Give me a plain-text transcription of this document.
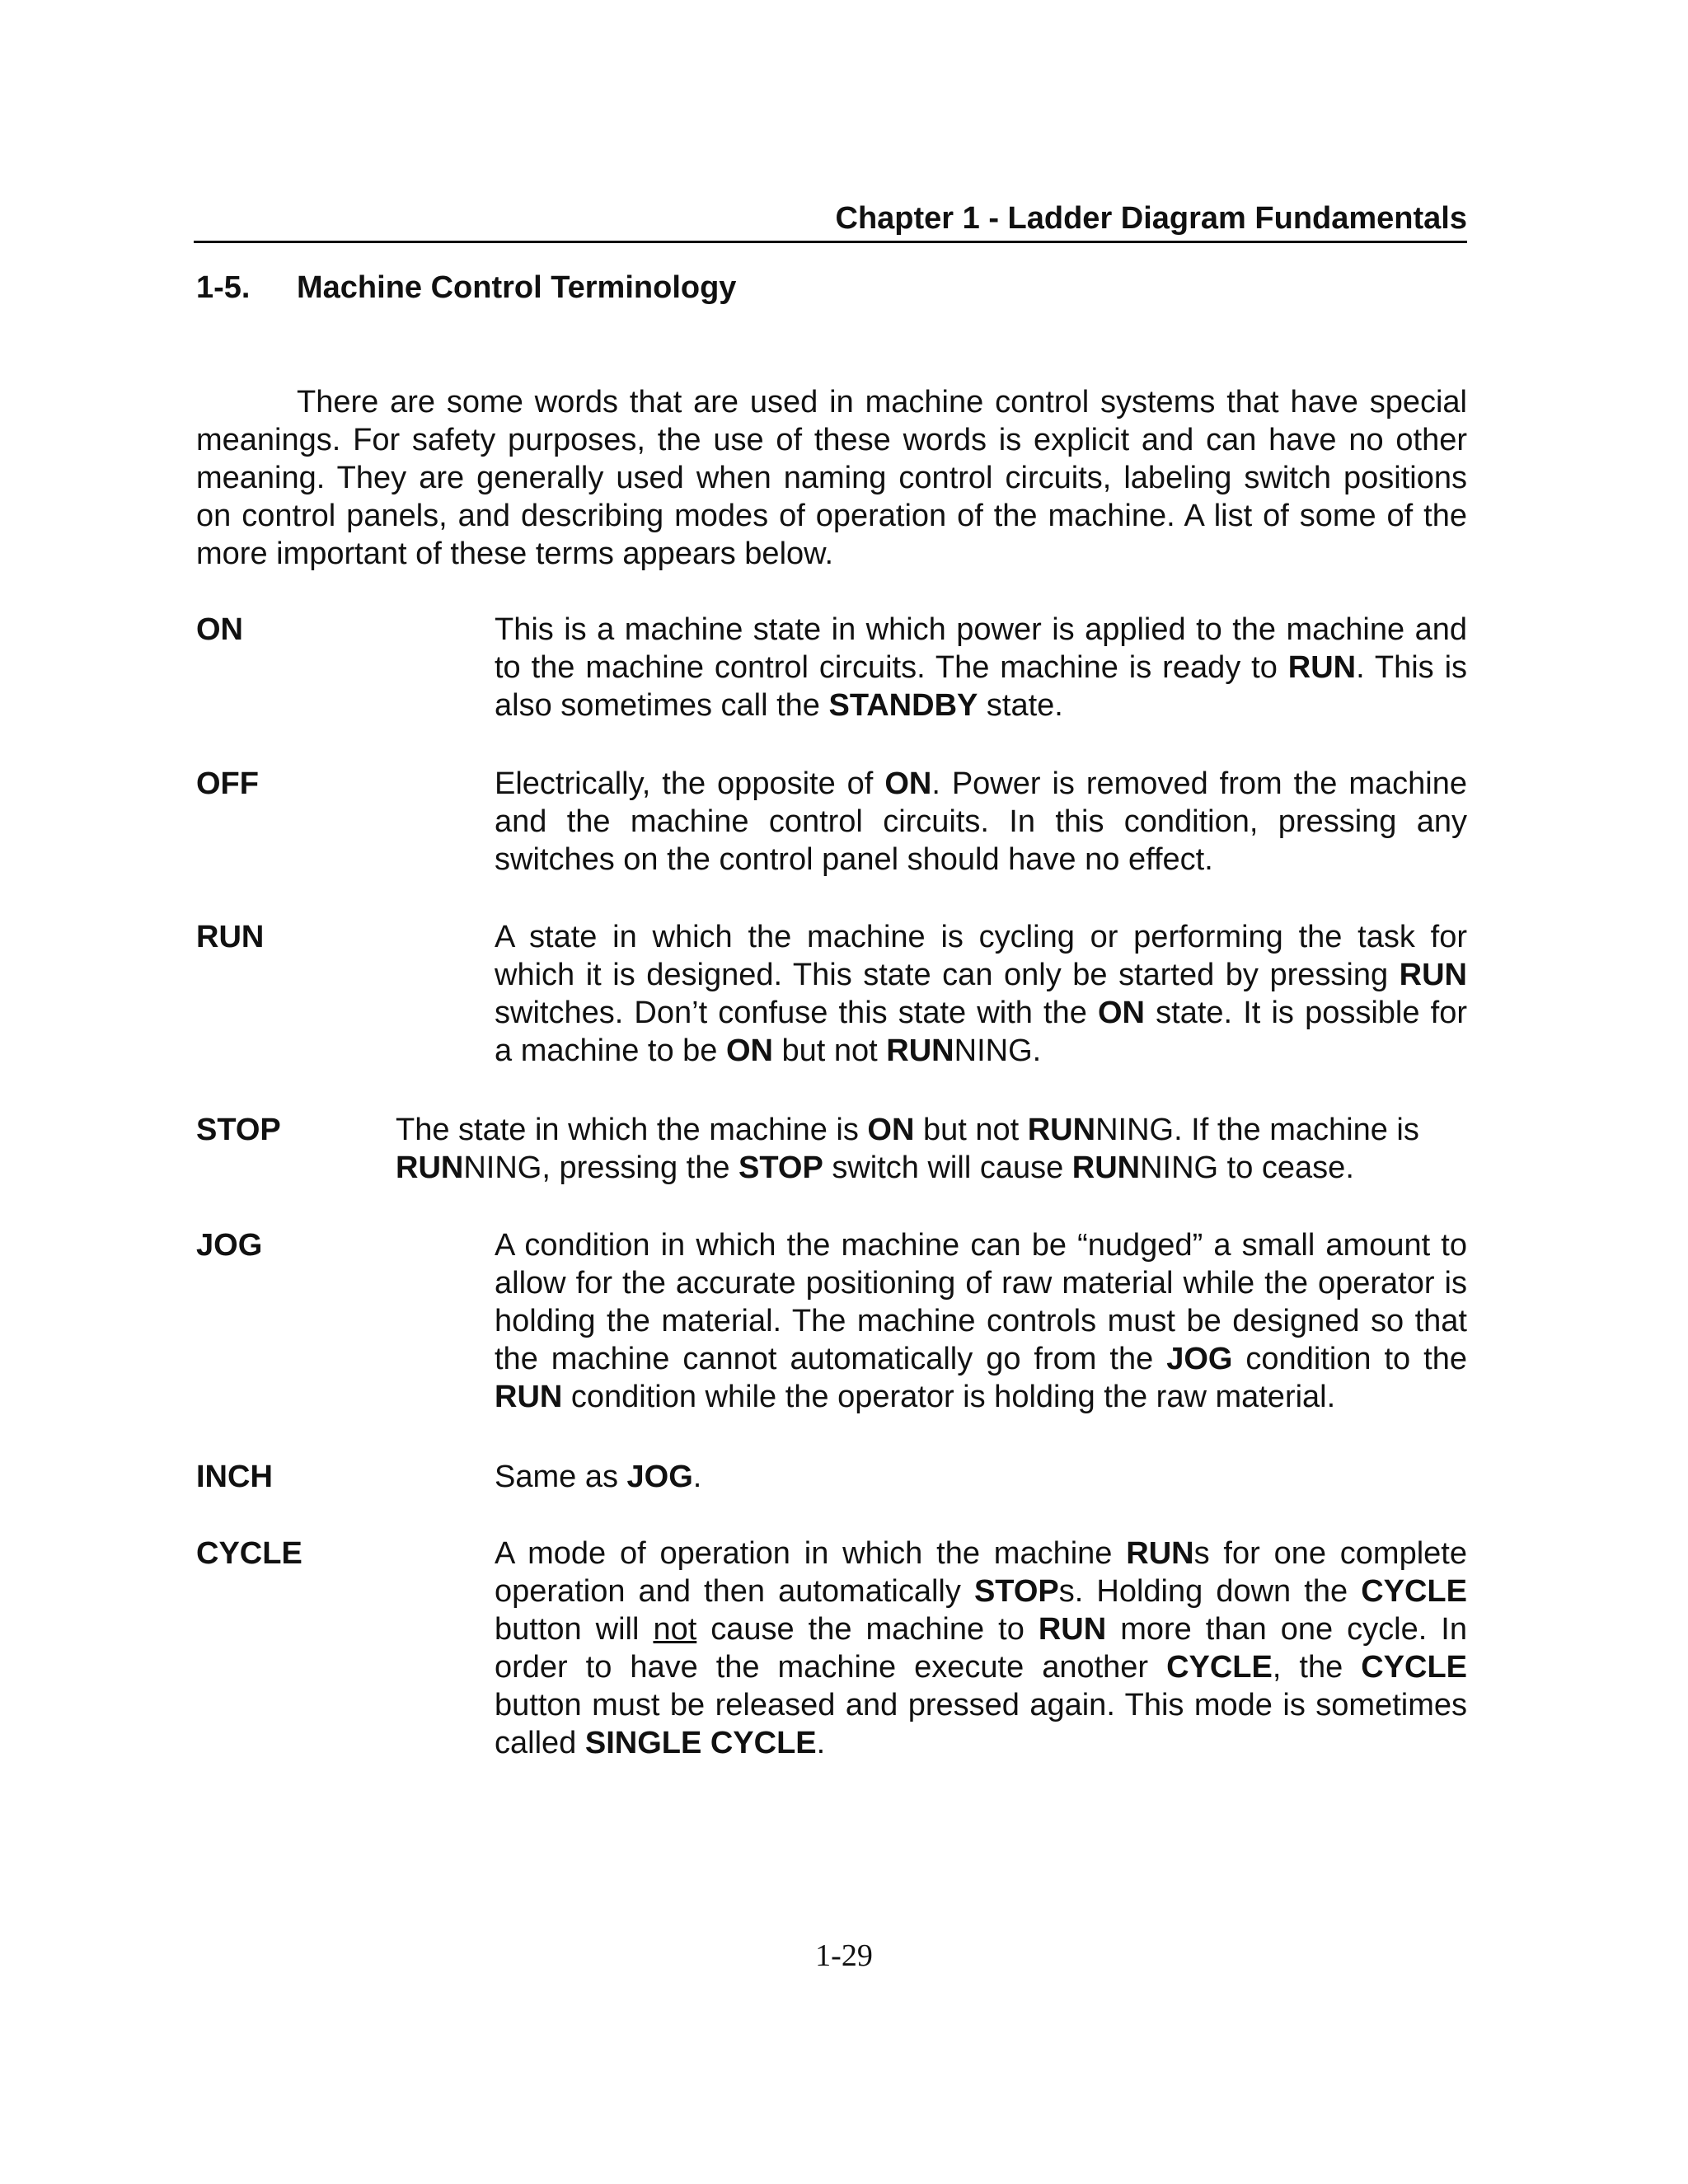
Chapter 1 - Ladder Diagram Fundamentals
1-5. Machine Control Terminology

There are some words that are used in machine control systems that have special meanings. For safety purposes, the use of these words is explicit and can have no other meaning. They are generally used when naming control circuits, labeling switch positions on control panels, and describing modes of operation of the machine. A list of some of the more important of these terms appears below.

ON	This is a machine state in which power is applied to the machine and to the machine control circuits. The machine is ready to RUN. This is also sometimes call the STANDBY state.

OFF	Electrically, the opposite of ON. Power is removed from the machine and the machine control circuits. In this condition, pressing any switches on the control panel should have no effect.

RUN	A state in which the machine is cycling or performing the task for which it is designed. This state can only be started by pressing RUN switches. Don’t confuse this state with the ON state. It is possible for a machine to be ON but not RUNNING.

STOP	The state in which the machine is ON but not RUNNING. If the machine is RUNNING, pressing the STOP switch will cause RUNNING to cease.

JOG	A condition in which the machine can be “nudged” a small amount to allow for the accurate positioning of raw material while the operator is holding the material. The machine controls must be designed so that the machine cannot automatically go from the JOG condition to the RUN condition while the operator is holding the raw material.

INCH	Same as JOG.

CYCLE	A mode of operation in which the machine RUNs for one complete operation and then automatically STOPs. Holding down the CYCLE button will not cause the machine to RUN more than one cycle. In order to have the machine execute another CYCLE, the CYCLE button must be released and pressed again. This mode is sometimes called SINGLE CYCLE.

1-29
